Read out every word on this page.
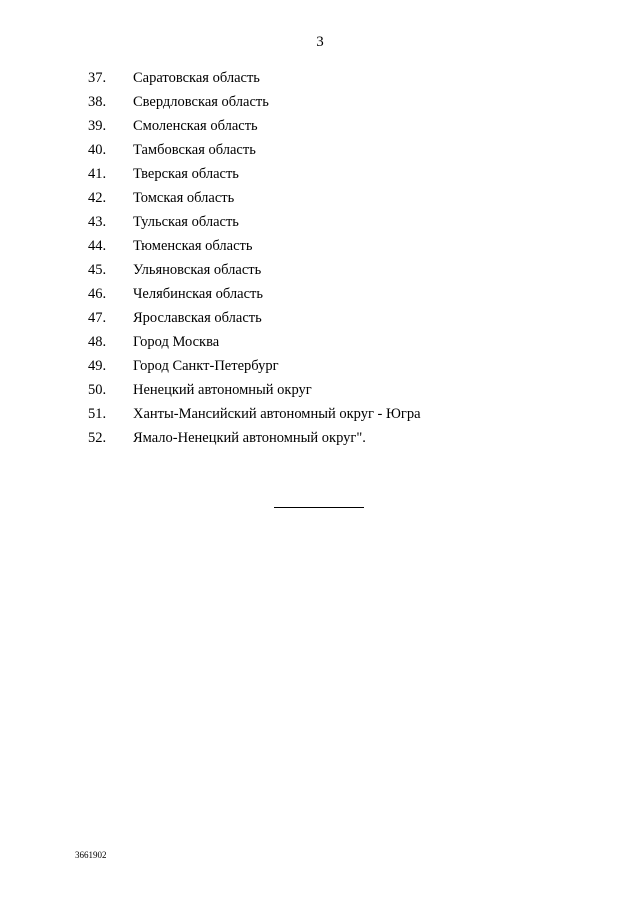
3
37. Саратовская область
38. Свердловская область
39. Смоленская область
40. Тамбовская область
41. Тверская область
42. Томская область
43. Тульская область
44. Тюменская область
45. Ульяновская область
46. Челябинская область
47. Ярославская область
48. Город Москва
49. Город Санкт-Петербург
50. Ненецкий автономный округ
51. Ханты-Мансийский автономный округ - Югра
52. Ямало-Ненецкий автономный округ".
3661902
